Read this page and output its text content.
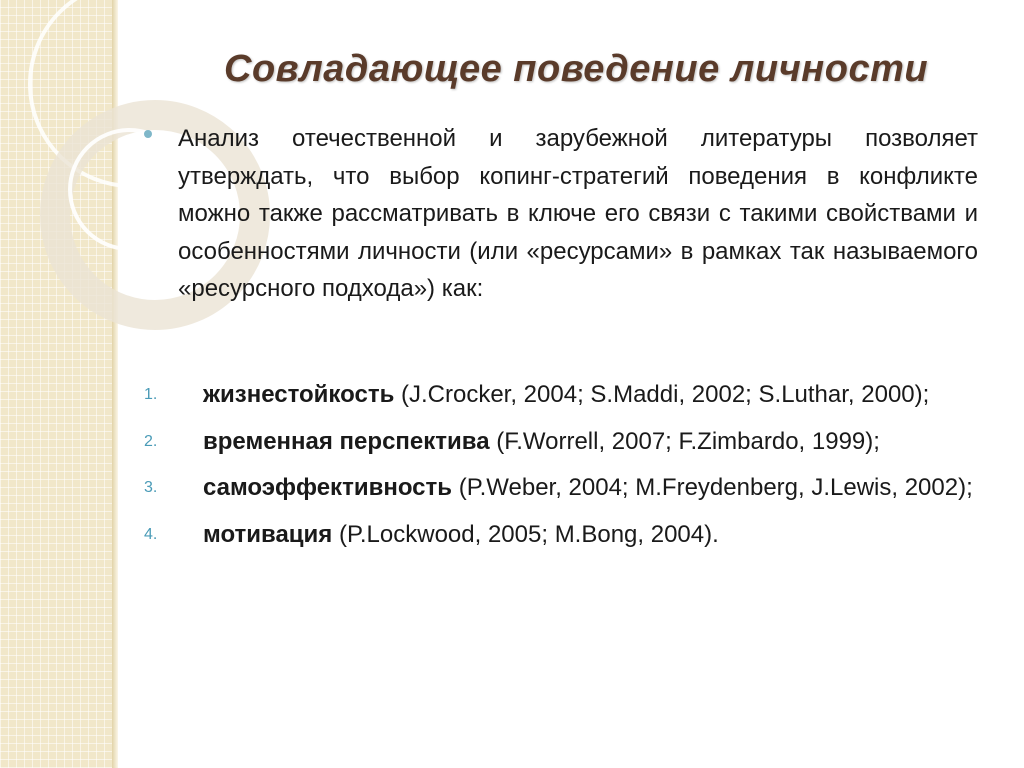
Совладающее поведение личности
Анализ отечественной и зарубежной литературы позволяет утверждать, что выбор копинг-стратегий поведения в конфликте можно также рассматривать в ключе его связи с такими свойствами и особенностями личности (или «ресурсами» в рамках так называемого «ресурсного подхода») как:
1.	жизнестойкость (J.Crocker, 2004; S.Maddi, 2002; S.Luthar, 2000);
2.	временная перспектива (F.Worrell, 2007; F.Zimbardo, 1999);
3.	самоэффективность (P.Weber, 2004; M.Freydenberg, J.Lewis, 2002);
4.	мотивация (P.Lockwood, 2005; M.Bong, 2004).
